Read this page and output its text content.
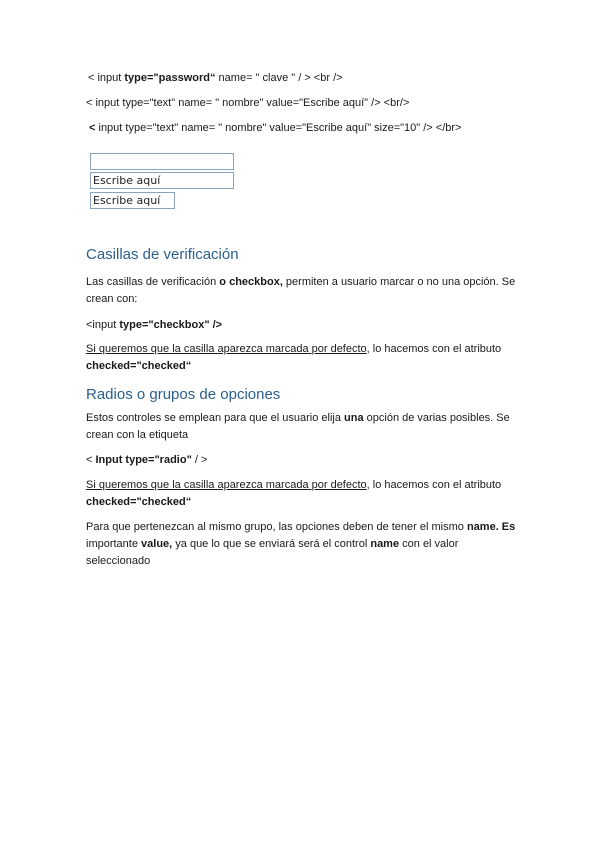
< input type="password“ name= " clave " / > <br />
< input type="text" name= " nombre" value="Escribe aquí" /> <br/>
< input type="text" name= " nombre" value="Escribe aquí" size="10" /> </br>
Escribe aquí
Escribe aquí
Casillas de verificación
Las casillas de verificación o checkbox, permiten a usuario marcar o no una opción. Se crean con:
<input type="checkbox" />
Si queremos que la casilla aparezca marcada por defecto, lo hacemos con el atributo checked="checked“
Radios o grupos de opciones
Estos controles se emplean para que el usuario elija una opción de varias posibles. Se crean con la etiqueta
< Input type="radio" / >
Si queremos que la casilla aparezca marcada por defecto, lo hacemos con el atributo checked="checked“
Para que pertenezcan al mismo grupo, las opciones deben de tener el mismo name. Es importante value, ya que lo que se enviará será el control name con el valor seleccionado
